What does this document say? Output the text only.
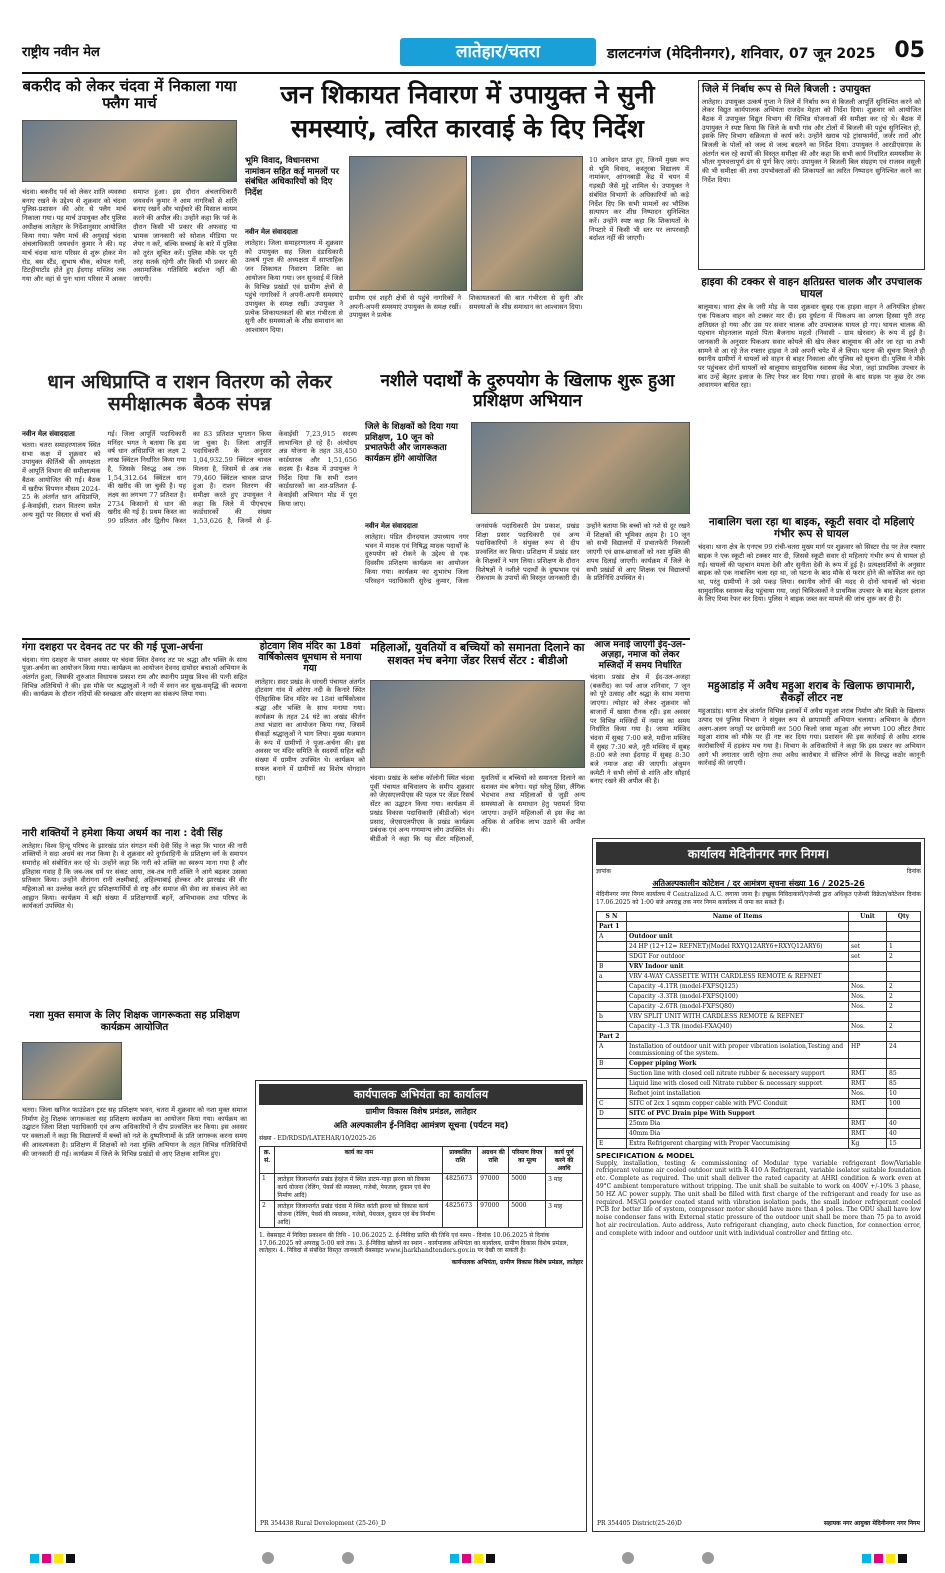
राष्ट्रीय नवीन मेल	लातेहार/चतरा	डालटनगंज (मेदिनीनगर), शनिवार, 07 जून 2025 05
बकरीद को लेकर चंदवा में निकाला गया फ्लैग मार्च
चंदवा। बकरीद पर्व को लेकर शांति व्यवस्था बनाए रखने के उद्देश्य से शुक्रवार को चंदवा पुलिस-प्रशासन की ओर से फ्लैग मार्च निकाला गया। यह मार्च उपायुक्त और पुलिस अधीक्षक लातेहार के निर्देशानुसार आयोजित किया गया। फ्लैग मार्च की अगुवाई चंदवा अंचलाधिकारी जयवर्धन कुमार ने की। यह मार्च चंदवा थाना परिसर से शुरू होकर मेन रोड, बस स्टैंड, सुभाष चौक, कोयल गली, टिटहीयाटोंड होते हुए ईदगाह मस्जिद तक गया और वहां से पुनः थाना परिसर में आकर समाप्त हुआ। इस दौरान अंचलाधिकारी जयवर्धन कुमार ने आम नागरिकों से शांति बनाए रखने और भाईचारे की मिसाल कायम करने की अपील की। उन्होंने कहा कि पर्व के दौरान किसी भी प्रकार की अफवाह या भ्रामक जानकारी को सोशल मीडिया पर शेयर न करें, बल्कि सच्चाई के बारे में पुलिस को तुरंत सूचित करें। पुलिस मौके पर पूरी तरह सतर्क रहेगी और किसी भी प्रकार की असामाजिक गतिविधि बर्दाश्त नहीं की जाएगी।
जन शिकायत निवारण में उपायुक्त ने सुनी समस्याएं, त्वरित कारवाई के दिए निर्देश
भूमि विवाद, विधानसभा नामांकन सहित कई मामलों पर संबंधित अधिकारियों को दिए निर्देश
नवीन मेल संवाददाता
लातेहार। जिला समाहरणालय में शुक्रवार को उपायुक्त सह जिला दंडाधिकारी उत्कर्ष गुप्ता की अध्यक्षता में साप्ताहिक जन शिकायत निवारण शिविर का आयोजन किया गया। जन सुनवाई में जिले के विभिन्न प्रखंडों एवं ग्रामीण क्षेत्रों से पहुंचे नागरिकों ने अपनी-अपनी समस्याएं उपायुक्त के समक्ष रखीं। उपायुक्त ने प्रत्येक शिकायतकर्ता की बात गंभीरता से सुनी और समस्याओं के शीघ्र समाधान का आश्वासन दिया।
ग्रामीण एवं शहरी क्षेत्रों से पहुंचे नागरिकों ने अपनी-अपनी समस्याएं उपायुक्त के समक्ष रखीं। उपायुक्त ने प्रत्येक
शिकायतकर्ता की बात गंभीरता से सुनी और समस्याओं के शीघ्र समाधान का आश्वासन दिया।
10 आवेदन प्राप्त हुए, जिनमें मुख्य रूप से भूमि विवाद, कस्तूरबा विद्यालय में नामांकन, आंगनबाड़ी केंद्र में चयन में गड़बड़ी जैसे मुद्दे शामिल थे। उपायुक्त ने संबंधित विभागों के अधिकारियों को कड़े निर्देश दिए कि सभी मामलों का भौतिक सत्यापन कर शीघ्र निष्पादन सुनिश्चित करें। उन्होंने स्पष्ट कहा कि शिकायतों के निपटारे में किसी भी स्तर पर लापरवाही बर्दाश्त नहीं की जाएगी।
जिले में निर्बाध रूप से मिले बिजली : उपायुक्त
लातेहार। उपायुक्त उत्कर्ष गुप्ता ने जिले में निर्बाध रूप से बिजली आपूर्ति सुनिश्चित करने को लेकर विद्युत कार्यपालक अभियंता राजदेव मेहता को निर्देश दिया। शुक्रवार को आयोजित बैठक में उपायुक्त विद्युत विभाग की विभिन्न योजनाओं की समीक्षा कर रहे थे। बैठक में उपायुक्त ने स्पष्ट किया कि जिले के सभी गांव और टोलों में बिजली की पहुंच सुनिश्चित हो, इसके लिए विभाग सक्रियता से कार्य करे। उन्होंने खराब पड़े ट्रांसफार्मरों, जर्जर तारों और बिजली के पोलों को जल्द से जल्द बदलने का निर्देश दिया। उपायुक्त ने आरडीएसएस के अंतर्गत चल रहे कार्यों की विस्तृत समीक्षा की और कहा कि सभी कार्य निर्धारित समयसीमा के भीतर गुणवत्तापूर्ण ढंग से पूर्ण किए जाएं। उपायुक्त ने बिजली बिल संग्रहण एवं राजस्व वसूली की भी समीक्षा की तथा उपभोक्ताओं की शिकायतों का त्वरित निष्पादन सुनिश्चित करने का निर्देश दिया।
हाइवा की टक्कर से वाहन क्षतिग्रस्त चालक और उपचालक घायल
बालूमाथ। थाना क्षेत्र के जरी मोड़ के पास शुक्रवार सुबह एक हाइवा वाहन ने अनियंत्रित होकर एक पिकअप वाहन को टक्कर मार दी। इस दुर्घटना में पिकअप का अगला हिस्सा पूरी तरह क्षतिग्रस्त हो गया और उस पर सवार चालक और उपचालक घायल हो गए। घायल चालक की पहचान मोहनलाल महतो पिता बैजनाथ महतो (निवासी - ग्राम खेरवार) के रूप में हुई है। जानकारी के अनुसार पिकअप सवार कोयले की खेप लेकर बालूमाथ की ओर जा रहा था तभी सामने से आ रहे तेज रफ्तार हाइवा ने उसे अपनी चपेट में ले लिया। घटना की सूचना मिलते ही स्थानीय ग्रामीणों ने घायलों को वाहन से बाहर निकाला और पुलिस को सूचना दी। पुलिस ने मौके पर पहुंचकर दोनों घायलों को बालूमाथ सामुदायिक स्वास्थ्य केंद्र भेजा, जहां प्राथमिक उपचार के बाद उन्हें बेहतर इलाज के लिए रेफर कर दिया गया। हादसे के बाद सड़क पर कुछ देर तक आवागमन बाधित रहा।
नाबालिग चला रहा था बाइक, स्कूटी सवार दो महिलाएं गंभीर रूप से घायल
चंदवा। थाना क्षेत्र के एनएच 99 रांची-चतरा मुख्य मार्ग पर शुक्रवार को सिस्टर रोड पर तेज रफ्तार बाइक ने एक स्कूटी को टक्कर मार दी, जिससे स्कूटी सवार दो महिलाएं गंभीर रूप से घायल हो गईं। घायलों की पहचान ममता देवी और सुनीता देवी के रूप में हुई है। प्रत्यक्षदर्शियों के अनुसार बाइक को एक नाबालिग चला रहा था, जो घटना के बाद मौके से फरार होने की कोशिश कर रहा था, परंतु ग्रामीणों ने उसे पकड़ लिया। स्थानीय लोगों की मदद से दोनों घायलों को चंदवा सामुदायिक स्वास्थ्य केंद्र पहुंचाया गया, जहां चिकित्सकों ने प्राथमिक उपचार के बाद बेहतर इलाज के लिए रिम्स रेफर कर दिया। पुलिस ने बाइक जब्त कर मामले की जांच शुरू कर दी है।
आज मनाई जाएगी ईद-उल-अज़हा, नमाज को लेकर मस्जिदों में समय निर्धारित
चंदवा। प्रखंड क्षेत्र में ईद-उल-अजहा (बकरीद) का पर्व आज शनिवार, 7 जून को पूरे उत्साह और श्रद्धा के साथ मनाया जाएगा। त्योहार को लेकर शुक्रवार को बाजारों में खासा रौनक रही। इस अवसर पर विभिन्न मस्जिदों में नमाज का समय निर्धारित किया गया है। जामा मस्जिद चंदवा में सुबह 7:00 बजे, मदीना मस्जिद में सुबह 7:30 बजे, नूरी मस्जिद में सुबह 8:00 बजे तथा ईदगाह में सुबह 8:30 बजे नमाज अदा की जाएगी। अंजुमन कमेटी ने सभी लोगों से शांति और सौहार्द बनाए रखने की अपील की है।
महुआडांड़ में अवैध महुआ शराब के खिलाफ छापामारी, सैकड़ों लीटर नष्ट
महुआडांड़। थाना क्षेत्र अंतर्गत विभिन्न इलाकों में अवैध महुआ शराब निर्माण और बिक्री के खिलाफ उत्पाद एवं पुलिस विभाग ने संयुक्त रूप से छापामारी अभियान चलाया। अभियान के दौरान अलग-अलग जगहों पर छापेमारी कर 500 किलो जावा महुआ और लगभग 100 लीटर तैयार महुआ शराब को मौके पर ही नष्ट कर दिया गया। प्रशासन की इस कार्रवाई से अवैध शराब कारोबारियों में हड़कंप मच गया है। विभाग के अधिकारियों ने कहा कि इस प्रकार का अभियान आगे भी लगातार जारी रहेगा तथा अवैध कारोबार में संलिप्त लोगों के विरुद्ध कठोर कानूनी कार्रवाई की जाएगी।
धान अधिप्राप्ति व राशन वितरण को लेकर समीक्षात्मक बैठक संपन्न
नवीन मेल संवाददाता
चतरा। चतरा समाहरणालय स्थित सभा कक्ष में शुक्रवार को उपायुक्त कीर्तिश्री की अध्यक्षता में आपूर्ति विभाग की समीक्षात्मक बैठक आयोजित की गई। बैठक में खरीफ विपणन मौसम 2024-25 के अंतर्गत धान अधिप्राप्ति, ई-केवाईसी, राशन वितरण समेत अन्य मुद्दों पर विस्तार से चर्चा की गई। जिला आपूर्ति पदाधिकारी मनिंदर भगत ने बताया कि इस वर्ष धान अधिप्राप्ति का लक्ष्य 2 लाख क्विंटल निर्धारित किया गया है, जिसके विरुद्ध अब तक 1,54,312.64 क्विंटल धान की खरीद की जा चुकी है। यह लक्ष्य का लगभग 77 प्रतिशत है। 2734 किसानों से धान की खरीद की गई है। प्रथम किस्त का 99 प्रतिशत और द्वितीय किस्त का 83 प्रतिशत भुगतान किया जा चुका है। जिला आपूर्ति पदाधिकारी के अनुसार 1,04,932.59 क्विंटल चावल मिलना है, जिसमें से अब तक 79,460 क्विंटल चावल प्राप्त हुआ है। राशन वितरण की समीक्षा करते हुए उपायुक्त ने कहा कि जिले में पीएचएच कार्डधारकों की संख्या 1,53,626 है, जिनमें से ई-केवाईसी 7,23,915 सदस्य लाभान्वित हो रहे हैं। अंत्योदय अन्न योजना के तहत 38,450 कार्डधारक और 1,51,656 सदस्य हैं। बैठक में उपायुक्त ने निर्देश दिया कि सभी राशन कार्डधारकों का शत-प्रतिशत ई-केवाईसी अभियान मोड में पूरा किया जाए।
नशीले पदार्थों के दुरुपयोग के खिलाफ शुरू हुआ प्रशिक्षण अभियान
जिले के शिक्षकों को दिया गया प्रशिक्षण, 10 जून को प्रभातफेरी और जागरूकता कार्यक्रम होंगे आयोजित
नवीन मेल संवाददाता
लातेहार। पंडित दीनदयाल उपाध्याय नगर भवन में मादक एवं निषिद्ध मादक पदार्थों के दुरुपयोग को रोकने के उद्देश्य से एक दिवसीय प्रशिक्षण कार्यक्रम का आयोजन किया गया। कार्यक्रम का शुभारंभ जिला परिवहन पदाधिकारी सुरेन्द्र कुमार, जिला जनसंपर्क पदाधिकारी प्रेम प्रकाश, प्रखंड शिक्षा प्रसार पदाधिकारी एवं अन्य पदाधिकारियों ने संयुक्त रूप से दीप प्रज्वलित कर किया। प्रशिक्षण में प्रखंड स्तर के शिक्षकों ने भाग लिया। प्रशिक्षण के दौरान विशेषज्ञों ने नशीले पदार्थों के दुष्प्रभाव एवं रोकथाम के उपायों की विस्तृत जानकारी दी। उन्होंने बताया कि बच्चों को नशे से दूर रखने में शिक्षकों की भूमिका अहम है। 10 जून को सभी विद्यालयों में प्रभातफेरी निकाली जाएगी एवं छात्र-छात्राओं को नशा मुक्ति की शपथ दिलाई जाएगी। कार्यक्रम में जिले के सभी प्रखंडों से आए शिक्षक एवं विद्यालयों के प्रतिनिधि उपस्थित थे।
गंगा दशहरा पर देवनद तट पर की गई पूजा-अर्चना
चंदवा। गंगा दशहरा के पावन अवसर पर चंदवा स्थित देवनद तट पर श्रद्धा और भक्ति के साथ पूजा-अर्चना का आयोजन किया गया। कार्यक्रम का आयोजन देवनद दामोदर बचाओ अभियान के अंतर्गत हुआ, जिसकी शुरुआत विधायक प्रकाश राम और स्थानीय प्रमुख विश्व की पत्नी सहित विभिन्न अतिथियों ने की। इस मौके पर श्रद्धालुओं ने नदी में स्नान कर सुख-समृद्धि की कामना की। कार्यक्रम के दौरान नदियों की स्वच्छता और संरक्षण का संकल्प लिया गया।
नारी शक्तियों ने हमेशा किया अधर्म का नाश : देवी सिंह
लातेहार। विश्व हिन्दू परिषद के झारखंड प्रांत संगठन मंत्री देवी सिंह ने कहा कि भारत की नारी शक्तियों ने सदा अधर्म का नाश किया है। वे शुक्रवार को दुर्गावाहिनी के प्रशिक्षण वर्ग के समापन समारोह को संबोधित कर रहे थे। उन्होंने कहा कि नारी को शक्ति का स्वरूप माना गया है और इतिहास गवाह है कि जब-जब धर्म पर संकट आया, तब-तब नारी शक्ति ने आगे बढ़कर उसका प्रतिकार किया। उन्होंने वीरांगना रानी लक्ष्मीबाई, अहिल्याबाई होल्कर और झारखंड की वीर महिलाओं का उल्लेख करते हुए प्रशिक्षणार्थियों से राष्ट्र और समाज की सेवा का संकल्प लेने का आह्वान किया। कार्यक्रम में बड़ी संख्या में प्रशिक्षणार्थी बहनें, अभिभावक तथा परिषद के कार्यकर्ता उपस्थित थे।
नशा मुक्त समाज के लिए शिक्षक जागरूकता सह प्रशिक्षण कार्यक्रम आयोजित
चतरा। जिला खनिज फाउंडेशन ट्रस्ट सह प्रशिक्षण भवन, चतरा में शुक्रवार को नशा मुक्त समाज निर्माण हेतु शिक्षक जागरूकता सह प्रशिक्षण कार्यक्रम का आयोजन किया गया। कार्यक्रम का उद्घाटन जिला शिक्षा पदाधिकारी एवं अन्य अधिकारियों ने दीप प्रज्वलित कर किया। इस अवसर पर वक्ताओं ने कहा कि विद्यालयों में बच्चों को नशे के दुष्परिणामों के प्रति जागरूक करना समय की आवश्यकता है। प्रशिक्षण में शिक्षकों को नशा मुक्ति अभियान के तहत विभिन्न गतिविधियों की जानकारी दी गई। कार्यक्रम में जिले के विभिन्न प्रखंडों से आए शिक्षक शामिल हुए।
होटवाग शिव मंदिर का 18वां वार्षिकोत्सव धूमधाम से मनाया गया
लातेहार। सदर प्रखंड के धरधरी पंचायत अंतर्गत होटवाग गांव में ओरंगा नदी के किनारे स्थित ऐतिहासिक शिव मंदिर का 18वां वार्षिकोत्सव श्रद्धा और भक्ति के साथ मनाया गया। कार्यक्रम के तहत 24 घंटे का अखंड कीर्तन तथा भंडारा का आयोजन किया गया, जिसमें सैकड़ों श्रद्धालुओं ने भाग लिया। मुख्य यजमान के रूप में ग्रामीणों ने पूजा-अर्चना की। इस अवसर पर मंदिर समिति के सदस्यों सहित बड़ी संख्या में ग्रामीण उपस्थित थे। कार्यक्रम को सफल बनाने में ग्रामीणों का विशेष योगदान रहा।
महिलाओं, युवतियों व बच्चियों को समानता दिलाने का सशक्त मंच बनेगा जेंडर रिसर्च सेंटर : बीडीओ
चंदवा। प्रखंड के ब्लॉक कॉलोनी स्थित चंदवा पूर्वी पंचायत सचिवालय के समीप शुक्रवार को जेएसएलपीएस की पहल पर जेंडर रिसर्च सेंटर का उद्घाटन किया गया। कार्यक्रम में प्रखंड विकास पदाधिकारी (बीडीओ) चंदन प्रसाद, जेएसएलपीएस के प्रखंड कार्यक्रम प्रबंधक एवं अन्य गणमान्य लोग उपस्थित थे। बीडीओ ने कहा कि यह सेंटर महिलाओं, युवतियों व बच्चियों को समानता दिलाने का सशक्त मंच बनेगा। यहां घरेलू हिंसा, लैंगिक भेदभाव तथा महिलाओं से जुड़ी अन्य समस्याओं के समाधान हेतु परामर्श दिया जाएगा। उन्होंने महिलाओं से इस केंद्र का अधिक से अधिक लाभ उठाने की अपील की।
कार्यपालक अभियंता का कार्यालय
ग्रामीण विकास विशेष प्रमंडल, लातेहार
अति अल्पकालीन ई-निविदा आमंत्रण सूचना (पर्यटन मद)
संख्या - ED/RDSD/LATEHAR/10/2025-26
क्र. सं.	कार्य का नाम	प्राक्कलित राशि	अग्रधन की राशि	परिमाण विपत्र का मूल्य	कार्य पूर्ण करने की अवधि
1	लातेहार जिलान्तर्गत प्रखंड हेरहंज में स्थित डाटम-गाहा झरना को विकास कार्य योजना (रेलिंग, पेवर्स की व्यवस्था, गजेबो, पेयजल, दुकान एवं बेंच निर्माण आदि)	4825673	97000	5000	3 माह
2	लातेहार जिलान्तर्गत प्रखंड चंदवा में स्थित कांती झरना को विकास कार्य योजना (रेलिंग, पेवर्स की व्यवस्था, गजेबो, पेयजल, दुकान एवं बेंच निर्माण आदि)	4825673	97000	5000	3 माह
1. वेबसाइट में निविदा प्रकाशन की तिथि - 10.06.2025 2. ई-निविदा प्राप्ति की तिथि एवं समय - दिनांक 10.06.2025 से दिनांक 17.06.2025 को अपराह्न 5:00 बजे तक। 3. ई-निविदा खोलने का स्थान - कार्यपालक अभियंता का कार्यालय, ग्रामीण विकास विशेष प्रमंडल, लातेहार। 4. निविदा से संबंधित विस्तृत जानकारी वेबसाइट www.jharkhandtenders.gov.in पर देखी जा सकती है।
कार्यपालक अभियंता, ग्रामीण विकास विशेष प्रमंडल, लातेहार
PR 354438 Rural Development (25-26)_D
कार्यालय मेदिनीनगर नगर निगम।
ज्ञापांक	दिनांक
अतिअल्पकालीन कोटेशन / दर आमंत्रण सूचना संख्या 16 / 2025-26
मेदिनीनगर नगर निगम कार्यालय में Centralized A.C. लगाया जाना है। इच्छुक निविदाकारों/एजेन्सी द्वारा अधिकृत एजेन्सी विक्रेता/कोटेशन दिनांक 17.06.2025 को 1:00 बजे अपराह्न तक नगर निगम कार्यालय में जमा कर सकते हैं।
S N	Name of Items	Unit	Qty
Part 1			
A	Outdoor unit		
	24 HP (12+12= REFNET)(Model RXYQ12ARY6+RXYQ12ARY6)	set	1
	SDGT For outdoor	set	2
B	VRV Indoor unit		
a	VRV 4-WAY CASSETTE WITH CARDLESS REMOTE & REFNET		
	Capacity -4.1TR (model-FXFSQ125)	Nos.	2
	Capacity -3.3TR (model-FXFSQ100)	Nos.	2
	Capacity -2.6TR (model-FXFSQ80)	Nos.	2
b	VRV SPLIT UNIT WITH CARDLESS REMOTE & REFNET		
	Capacity -1.3 TR (model-FXAQ40)	Nos.	2
Part 2			
A	Installation of outdoor unit with proper vibration isolation,Testing and commissioning of the system.	HP	24
B	Copper piping Work		
	Suction line with closed cell nitrate rubber & necessary support	RMT	85
	Liquid line with closed cell Nitrate rubber & necessary support	RMT	85
	Refnet joint installation	Nos.	10
C	SITC of 2cx 1 sqmm copper cable with PVC Conduit	RMT	100
D	SITC of PVC Drain pipe With Support		
	25mm Dia	RMT	40
	40mm Dia	RMT	40
E	Extra Refrigerent charging with Proper Vaccumising	Kg	15
SPECIFICATION & MODEL
Supply, installation, testing & commissioning of Modular type variable refrigerant flow/Variable refrigerant volume air cooled outdoor unit with R 410 A Refrigerant, variable isolator suitable foundation etc. Complete as required. The unit shall deliver the rated capacity at AHRI condition & work even at 49°C ambient temperature without tripping. The unit shall be suitable to work on 400V +/-10% 3 phase, 50 HZ AC power supply. The unit shall be filled with first charge of the refrigerant and ready for use as required. MS/GI powder coated stand with vibration isolation pads, the small indoor refrigerant cooled PCB for better life of system, compressor motor should have more than 4 poles. The ODU shall have low noise condenser fans with External static pressure of the outdoor unit shall be more than 75 pa to avoid hot air recirculation. Auto address, Auto refrigerant changing, auto check function, for connection error, and complete with indoor and outdoor unit with individual controller and fitting etc.
सहायक नगर आयुक्त मेदिनीनगर नगर निगम
PR 354405 District(25-26)D
